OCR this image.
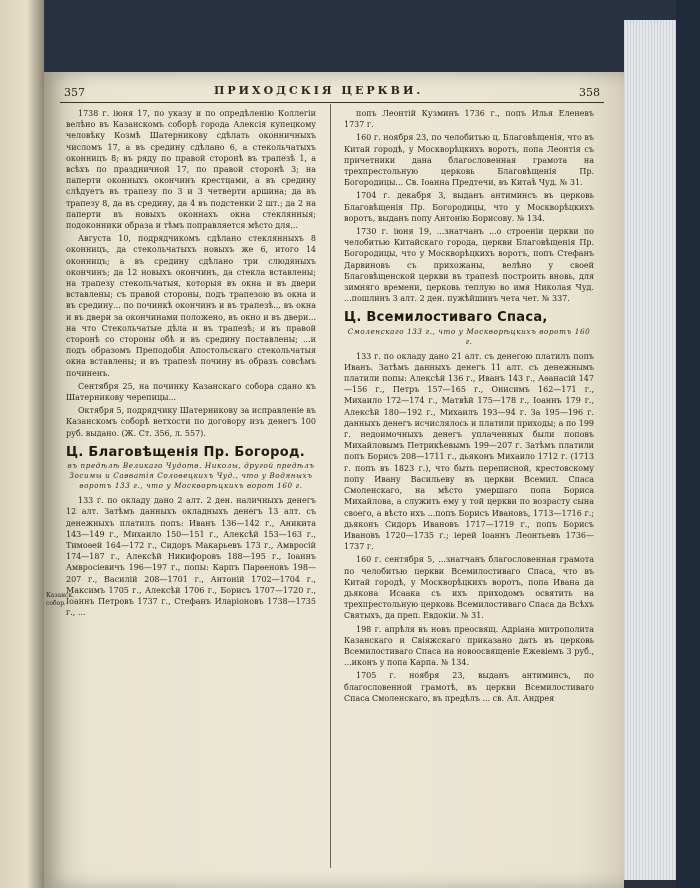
357	ПРИХОДСКІЯ ЦЕРКВИ.	358
Казанск. собор.

1738 г. іюня 17, по указу и по опредѣленію Коллегіи велѣно въ Казанскомъ соборѣ города Алексія купецкому человѣку Козмѣ Шатерникову сдѣлать оконничныхъ числомъ 17, а въ средину сдѣлано 6, а стекольчатыхъ оконницъ 8; въ ряду по правой сторонѣ въ трапезѣ 1, а всѣхъ по праздничной 17, по правой сторонѣ 3; на паперти оконныхъ окончинъ крестцами, а въ средину слѣдуетъ въ трапезу по 3 и 3 четверти аршина; да въ трапезу 8, да въ средину, да 4 въ подстенки 2 шт.; да 2 на паперти въ новыхъ оконнахъ окна стеклянныя; подоконники образа и тѣмъ поправляется мѣсто для...

Августа 10, подрядчикомъ сдѣлано стеклянныхъ 8 оконницъ, да стекольчатыхъ новыхъ же 6, итого 14 оконницъ; а въ средину сдѣлано три слюдяныхъ окончинъ; да 12 новыхъ окончинъ, да стекла вставлены; на трапезу стекольчатыя, которыя въ окна и въ двери вставлены; съ правой стороны, подъ трапезою въ окна и въ средину... по починкѣ окончинъ и въ трапезѣ... въ окна и въ двери за окончинами положено, въ окно и въ двери... на что Стекольчатые дѣла и въ трапезѣ; и въ правой сторонѣ со стороны обѣ и въ средину поставлены; ...и подъ образомъ Преподобія Апостольскаго стекольчатыя окна вставлены; и въ трапезѣ почину въ образъ совсѣмъ починенъ.

Сентября 25, на починку Казанскаго собора сдано къ Шатерникову черепицы...

Октября 5, подрядчику Шатерникову за исправленіе въ Казанскомъ соборѣ ветхости по договору изъ денегъ 100 руб. выдано. (Ж. Ст. 356, л. 557).

Ц. Благовѣщенія Пр. Богород.
въ предѣлѣ Великаго Чудотв. Николы, другой предѣлъ Зосимы и Савватія Соловецкихъ Чуд., что у Водяныхъ воротъ 133 г., что у Москворѣцкихъ ворот 160 г.

133 г. по окладу дано 2 алт. 2 ден. наличныхъ денегъ 12 алт. Затѣмъ данныхъ окладныхъ денегъ 13 алт. съ денежныхъ платилъ попъ: Иванъ 136—142 г., Аникита 143—149 г., Михаило 150—151 г., Алексѣй 153—163 г., Тимоѳей 164—172 г., Сидоръ Макарьевъ 173 г., Амвросій 174—187 г., Алексѣй Никифоровъ 188—195 г., Іоаннъ Амвросіевичъ 196—197 г., попы: Карпъ Парѳеновъ 198—207 г., Василій 208—1701 г., Антоній 1702—1704 г., Максимъ 1705 г., Алексѣй 1706 г., Борисъ 1707—1720 г., Іоаннъ Петровъ 1737 г., Стефанъ Иларіоновъ 1738—1735 г., ...

попъ Леонтій Кузминъ 1736 г., попъ Илья Еленевъ 1737 г.

160 г. ноября 23, по челобитью ц. Благовѣщенія, что въ Китай городѣ, у Москворѣцкихъ воротъ, попа Леонтія съ причетники дана благословенная грамота на трехпрестольную церковь Благовѣщенія Пр. Богородицы... Св. Іоанна Предтечи, въ Китаѣ Чуд. № 31.

1704 г. декабря 3, выданъ антиминсъ въ церковь Благовѣщенія Пр. Богородицы, что у Москворѣцкихъ воротъ, выданъ попу Антонію Борисову. № 134.

1730 г. іюня 19, ...знатчанъ ...о строеніи церкви по челобитью Китайскаго города, церкви Благовѣщенія Пр. Богородицы, что у Москворѣцкихъ воротъ, попъ Стефанъ Дарвиновъ съ прихожаны, велѣно у своей Благовѣщенской церкви въ трапезѣ построить вновь, для зимняго времени, церковь теплую во имя Николая Чуд. ...пошлинъ 3 алт. 2 ден. пужѣйшинъ чета чет. № 337.

Ц. Всемилостиваго Спаса,
Смоленскаго 133 г., что у Москворѣцкихъ воротъ 160 г.

133 г. по окладу дано 21 алт. съ денегою платилъ попъ Иванъ. Затѣмъ данныхъ денегъ 11 алт. съ денежнымъ платили попы: Алексѣй 136 г., Иванъ 143 г., Аѳанасій 147—156 г., Петръ 157—165 г., Ониcимъ 162—171 г., Михаило 172—174 г., Матвѣй 175—178 г., Іоаннъ 179 г., Алексѣй 180—192 г., Михаилъ 193—94 г. За 195—196 г. данныхъ денегъ исчислялось и платили приходы; а по 199 г. недоимочныхъ денегъ уплаченных были поповъ Михайловымъ Петрикѣевымъ 199—207 г. Затѣмъ платили попъ Борисъ 208—1711 г., дьяконъ Михаило 1712 г. (1713 г. попъ въ 1823 г.), что быть переписной, крестовскому попу Ивану Васильеву въ церкви Всемил. Спаса Смоленскаго, на мѣсто умершаго попа Бориса Михайлова, а служить ему у той церкви по возрасту сына своего, а вѣсто ихъ ...попъ Борисъ Ивановъ, 1713—1716 г.; дьяконъ Сидоръ Ивановъ 1717—1719 г., попъ Борисъ Ивановъ 1720—1735 г.; іерей Іоаннъ Леонтьевъ 1736—1737 г.

160 г. сентября 5, ...знатчанъ благословенная грамота по челобитью церкви Всемилостиваго Спаса, что въ Китай городѣ, у Москворѣцкихъ воротъ, попа Ивана да дьякона Исаака съ ихъ приходомъ освятить на трехпрестольную церковь Всемилостиваго Спаса да Всѣхъ Святыхъ, да преп. Евдокіи. № 31.

198 г. апрѣля въ новъ преосвящ. Адріана митрополита Казанскаго и Свіяжскаго приказано дать въ церковь Всемилостиваго Спаса на новоосвященіе Ежевіемъ 3 руб., ...иконъ у попа Карпа. № 134.

1705 г. ноября 23, выданъ антиминсъ, по благословенной грамотѣ, въ церкви Всемилостиваго Спаса Смоленскаго, въ предѣлъ ... св. Ал. Андрея
